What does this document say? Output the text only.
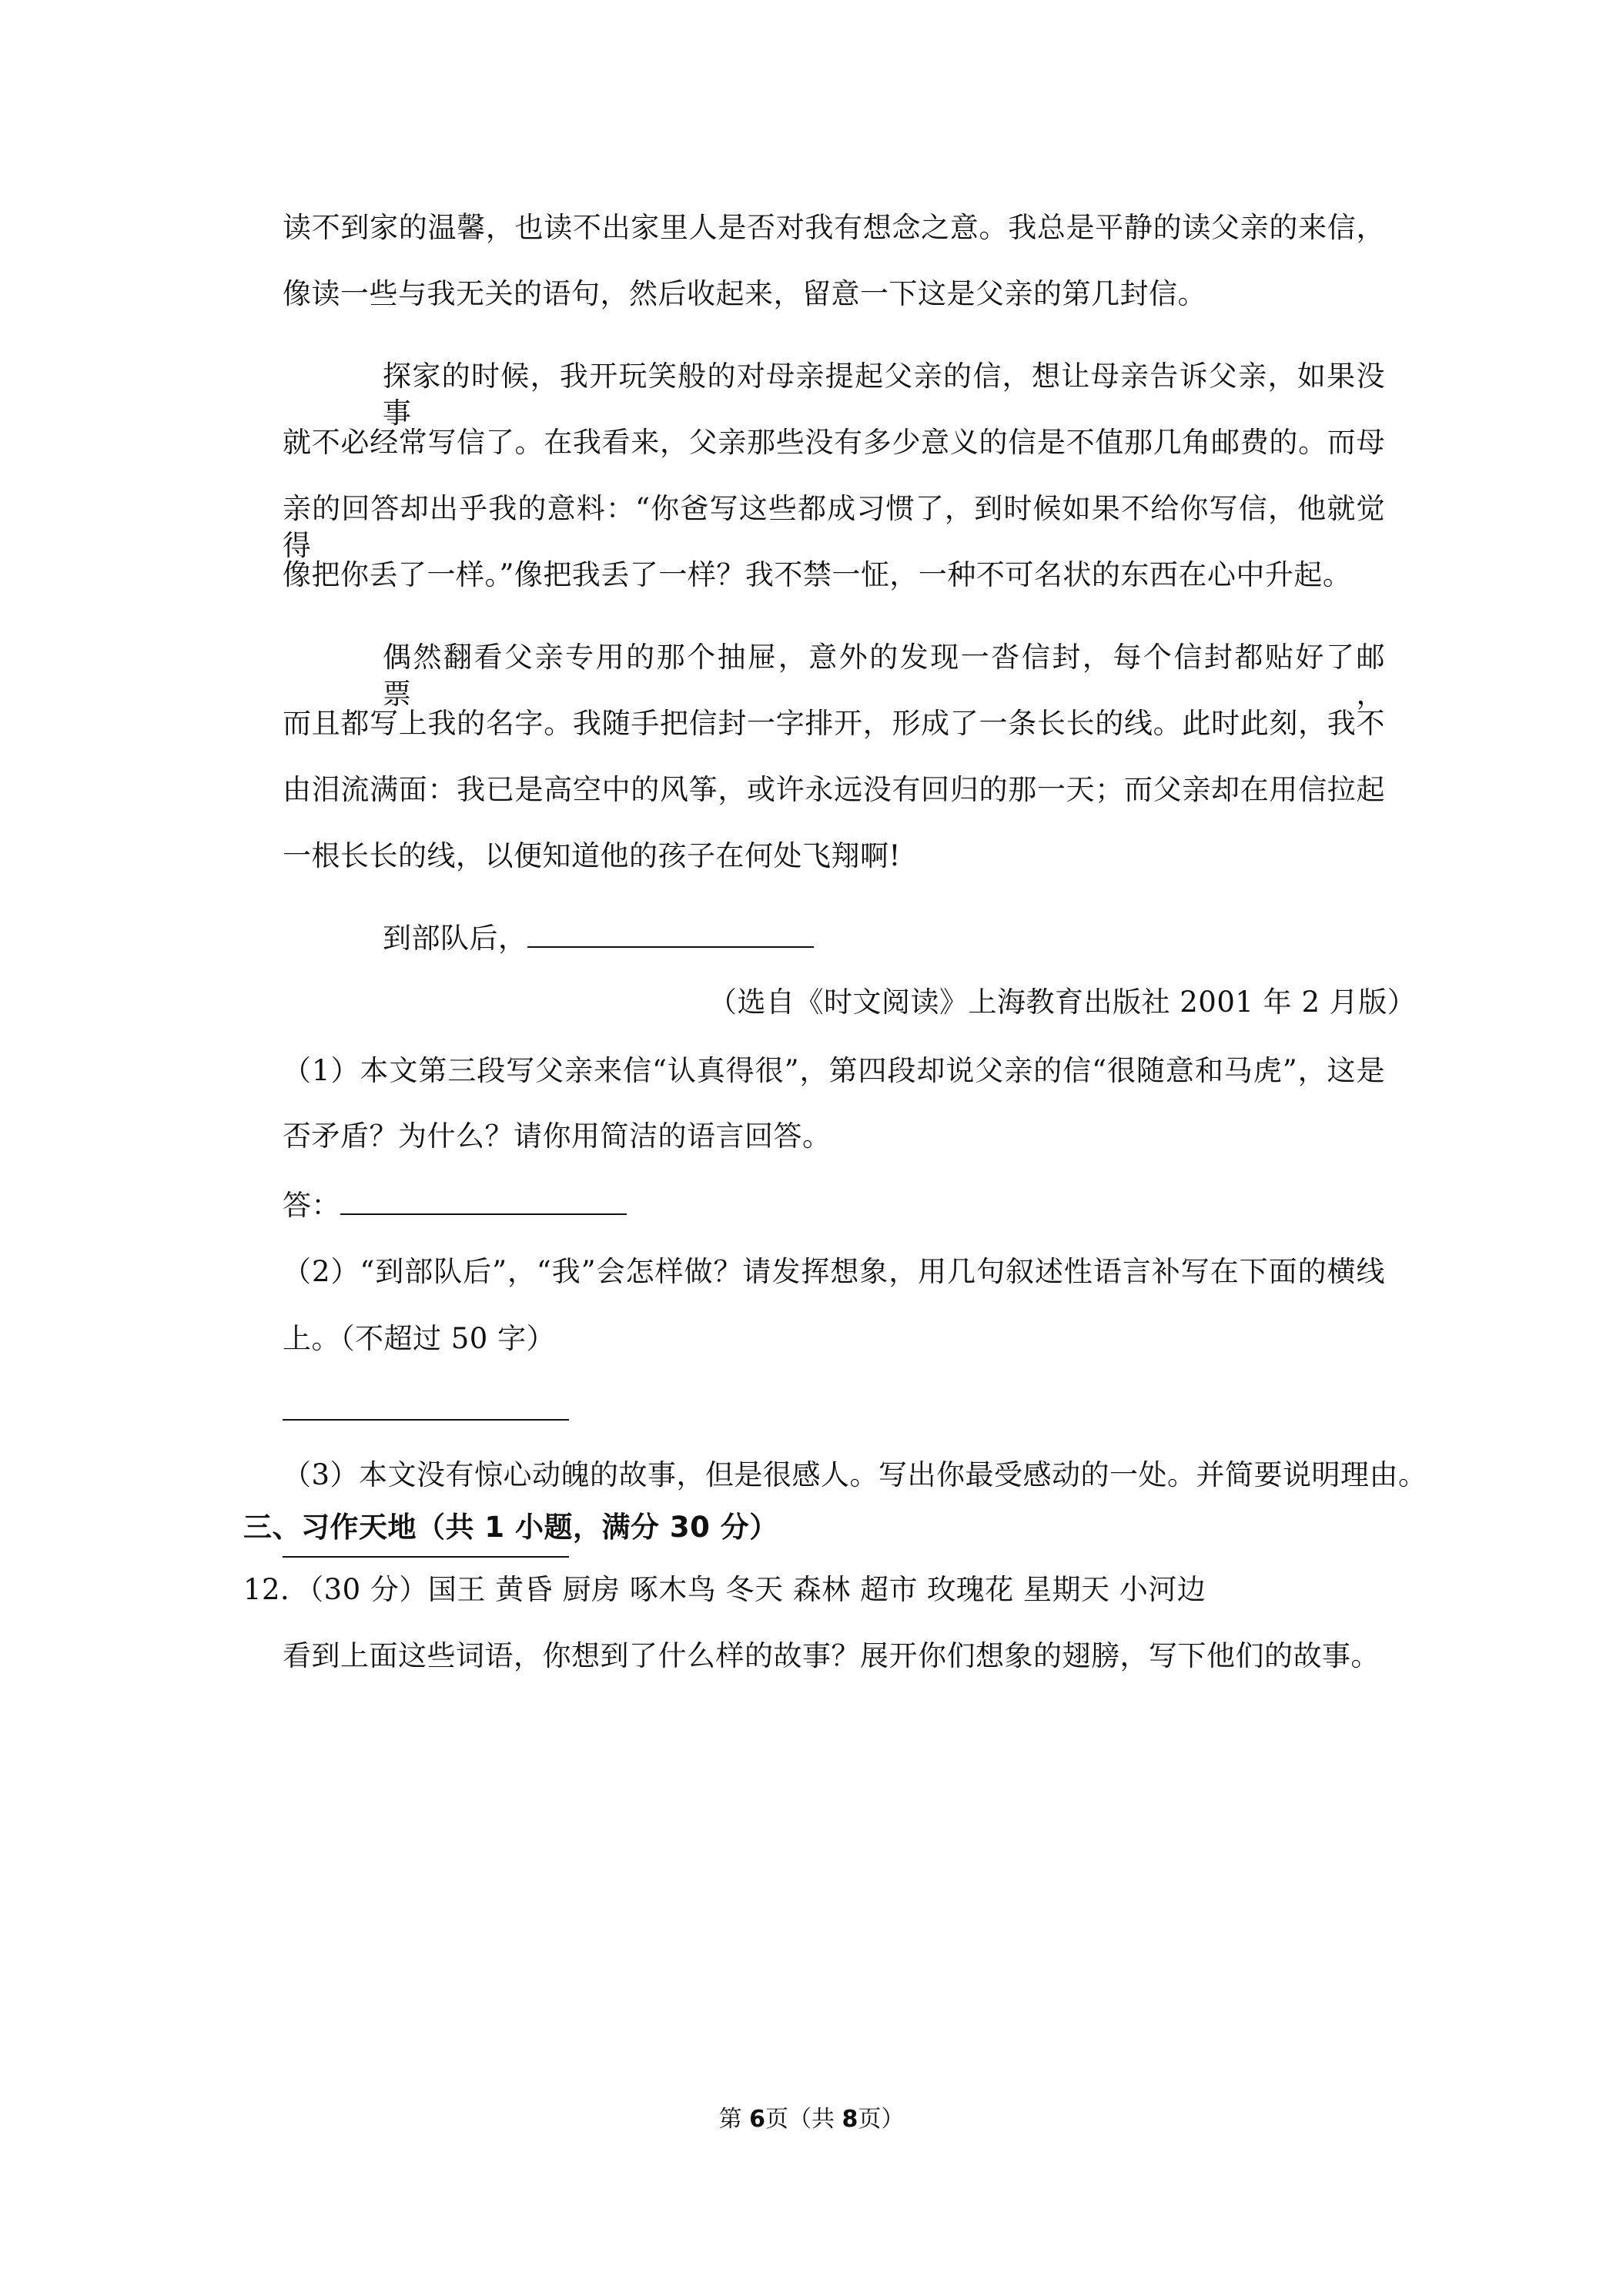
读不到家的温馨，也读不出家里人是否对我有想念之意。我总是平静的读父亲的来信，
像读一些与我无关的语句，然后收起来，留意一下这是父亲的第几封信。
探家的时候，我开玩笑般的对母亲提起父亲的信，想让母亲告诉父亲，如果没事
就不必经常写信了。在我看来，父亲那些没有多少意义的信是不值那几角邮费的。而母
亲的回答却出乎我的意料：“你爸写这些都成习惯了，到时候如果不给你写信，他就觉得
像把你丢了一样。”像把我丢了一样？我不禁一怔，一种不可名状的东西在心中升起。
偶然翻看父亲专用的那个抽屉，意外的发现一沓信封，每个信封都贴好了邮票，
而且都写上我的名字。我随手把信封一字排开，形成了一条长长的线。此时此刻，我不
由泪流满面：我已是高空中的风筝，或许永远没有回归的那一天；而父亲却在用信拉起
一根长长的线，以便知道他的孩子在何处飞翔啊!
到部队后，
（选自《时文阅读》上海教育出版社 2001 年 2 月版）
（1）本文第三段写父亲来信“认真得很”，第四段却说父亲的信“很随意和马虎”，这是
否矛盾？为什么？请你用简洁的语言回答。
答：
（2）“到部队后”，“我”会怎样做？请发挥想象，用几句叙述性语言补写在下面的横线
上。（不超过 50 字）
（3）本文没有惊心动魄的故事，但是很感人。写出你最受感动的一处。并简要说明理由。
三、习作天地（共 1 小题，满分 30 分）
12．（30 分）国王 黄昏 厨房 啄木鸟 冬天 森林 超市 玫瑰花 星期天 小河边
看到上面这些词语，你想到了什么样的故事？展开你们想象的翅膀，写下他们的故事。
第 6页（共 8页）
